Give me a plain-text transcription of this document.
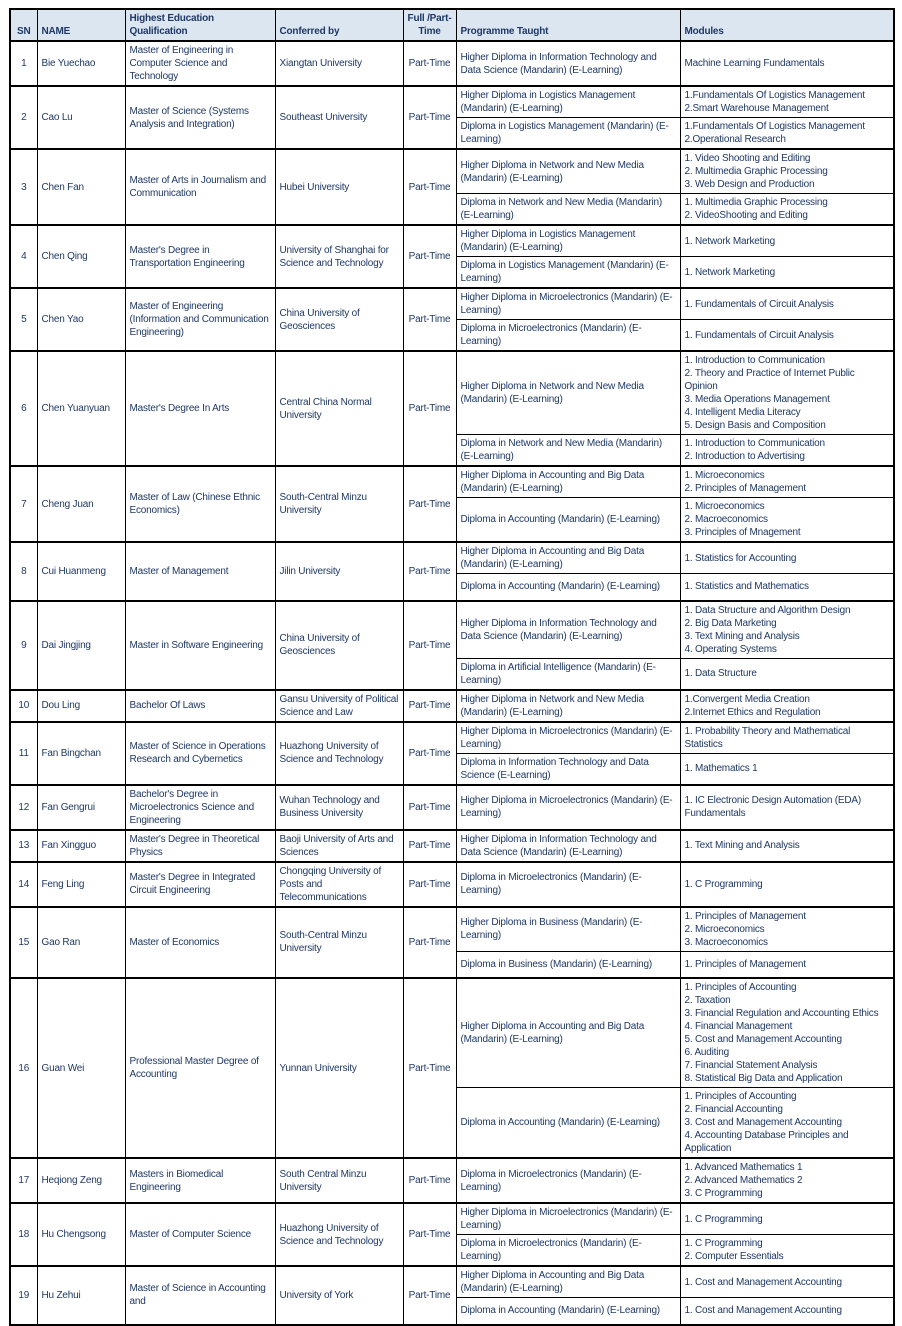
SN	NAME	Highest Education Qualification	Conferred by	Full /Part-Time	Programme Taught	Modules
1	Bie Yuechao	Master of Engineering in Computer Science and Technology	Xiangtan University	Part-Time	Higher Diploma in Information Technology and Data Science (Mandarin) (E-Learning)	Machine Learning Fundamentals

2	Cao Lu	Master of Science (Systems Analysis and Integration)	Southeast University	Part-Time	Higher Diploma in Logistics Management (Mandarin) (E-Learning)	1.Fundamentals Of Logistics Management
2.Smart Warehouse Management

					Diploma in Logistics Management (Mandarin) (E-Learning)	1.Fundamentals Of Logistics Management
2.Operational Research

3	Chen Fan	Master of Arts in Journalism and Communication	Hubei University	Part-Time	Higher Diploma in Network and New Media (Mandarin) (E-Learning)	1. Video Shooting and Editing
2. Multimedia Graphic Processing
3. Web Design and Production

					Diploma in Network and New Media (Mandarin) (E-Learning)	1. Multimedia Graphic Processing
2. VideoShooting and Editing

4	Chen Qing	Master's Degree in Transportation Engineering	University of Shanghai for Science and Technology	Part-Time	Higher Diploma in Logistics Management (Mandarin) (E-Learning)	1. Network Marketing

					Diploma in Logistics Management (Mandarin) (E-Learning)	1. Network Marketing

5	Chen Yao	Master of Engineering (Information and Communication Engineering)	China University of Geosciences	Part-Time	Higher Diploma in Microelectronics (Mandarin) (E-Learning)	1. Fundamentals of Circuit Analysis

					Diploma in Microelectronics (Mandarin) (E-Learning)	1. Fundamentals of Circuit Analysis

6	Chen Yuanyuan	Master's Degree In Arts	Central China Normal University	Part-Time	Higher Diploma in Network and New Media (Mandarin) (E-Learning)	1. Introduction to Communication
2. Theory and Practice of Internet Public Opinion
3. Media Operations Management
4. Intelligent Media Literacy
5. Design Basis and Composition

					Diploma in Network and New Media (Mandarin) (E-Learning)	1. Introduction to Communication
2. Introduction to Advertising

7	Cheng Juan	Master of Law (Chinese Ethnic Economics)	South-Central Minzu University	Part-Time	Higher Diploma in Accounting and Big Data (Mandarin) (E-Learning)	1. Microeconomics
2. Principles of Management

					Diploma in Accounting (Mandarin) (E-Learning)	1. Microeconomics
2. Macroeconomics
3. Principles of Mnagement

8	Cui Huanmeng	Master of Management	Jilin University	Part-Time	Higher Diploma in Accounting and Big Data (Mandarin) (E-Learning)	1. Statistics for Accounting

					Diploma in Accounting (Mandarin) (E-Learning)	1. Statistics and Mathematics

9	Dai Jingjing	Master in Software Engineering	China University of Geosciences	Part-Time	Higher Diploma in Information Technology and Data Science (Mandarin) (E-Learning)	1. Data Structure and Algorithm Design
2. Big Data Marketing
3. Text Mining and Analysis
4. Operating Systems

					Diploma in Artificial Intelligence (Mandarin) (E-Learning)	1. Data Structure

10	Dou Ling	Bachelor Of Laws	Gansu University of Political Science and Law	Part-Time	Higher Diploma in Network and New Media (Mandarin) (E-Learning)	1.Convergent Media Creation
2.Internet Ethics and Regulation

11	Fan Bingchan	Master of Science in Operations Research and Cybernetics	Huazhong University of Science and Technology	Part-Time	Higher Diploma in Microelectronics (Mandarin) (E-Learning)	1. Probability Theory and Mathematical Statistics

					Diploma in Information Technology and Data Science (E-Learning)	1. Mathematics 1

12	Fan Gengrui	Bachelor's Degree in Microelectronics Science and Engineering	Wuhan Technology and Business University	Part-Time	Higher Diploma in Microelectronics (Mandarin) (E-Learning)	1. IC Electronic Design Automation (EDA) Fundamentals

13	Fan Xingguo	Master's Degree in Theoretical Physics	Baoji University of Arts and Sciences	Part-Time	Higher Diploma in Information Technology and Data Science (Mandarin) (E-Learning)	1. Text Mining and Analysis

14	Feng Ling	Master's Degree in Integrated Circuit Engineering	Chongqing University of Posts and Telecommunications	Part-Time	Diploma in Microelectronics (Mandarin) (E-Learning)	1. C Programming

15	Gao Ran	Master of Economics	South-Central Minzu University	Part-Time	Higher Diploma in Business (Mandarin) (E-Learning)	1. Principles of Management
2. Microeconomics
3. Macroeconomics

					Diploma in Business (Mandarin) (E-Learning)	1. Principles of Management

16	Guan Wei	Professional Master Degree of Accounting	Yunnan University	Part-Time	Higher Diploma in Accounting and Big Data (Mandarin) (E-Learning)	
1. Principles of Accounting
2. Taxation
3. Financial Regulation and Accounting Ethics
4. Financial Management
5. Cost and Management Accounting
6. Auditing
7. Financial Statement Analysis
8. Statistical Big Data and Application

					Diploma in Accounting (Mandarin) (E-Learning)	1. Principles of Accounting
2. Financial Accounting
3. Cost and Management Accounting
4. Accounting Database Principles and Application

17	Heqiong Zeng	Masters in Biomedical Engineering	South Central Minzu University	Part-Time	Diploma in Microelectronics (Mandarin) (E-Learning)	1. Advanced Mathematics 1
2. Advanced Mathematics 2
3. C Programming

18	Hu Chengsong	Master of Computer Science	Huazhong University of Science and Technology	Part-Time	Higher Diploma in Microelectronics (Mandarin) (E-Learning)	1. C Programming

					Diploma in Microelectronics (Mandarin) (E-Learning)	1. C Programming
2. Computer Essentials

19	Hu Zehui	Master of Science in Accounting and	University of York	Part-Time	Higher Diploma in Accounting and Big Data (Mandarin) (E-Learning)	1. Cost and Management Accounting

					Diploma in Accounting (Mandarin) (E-Learning)	1. Cost and Management Accounting
